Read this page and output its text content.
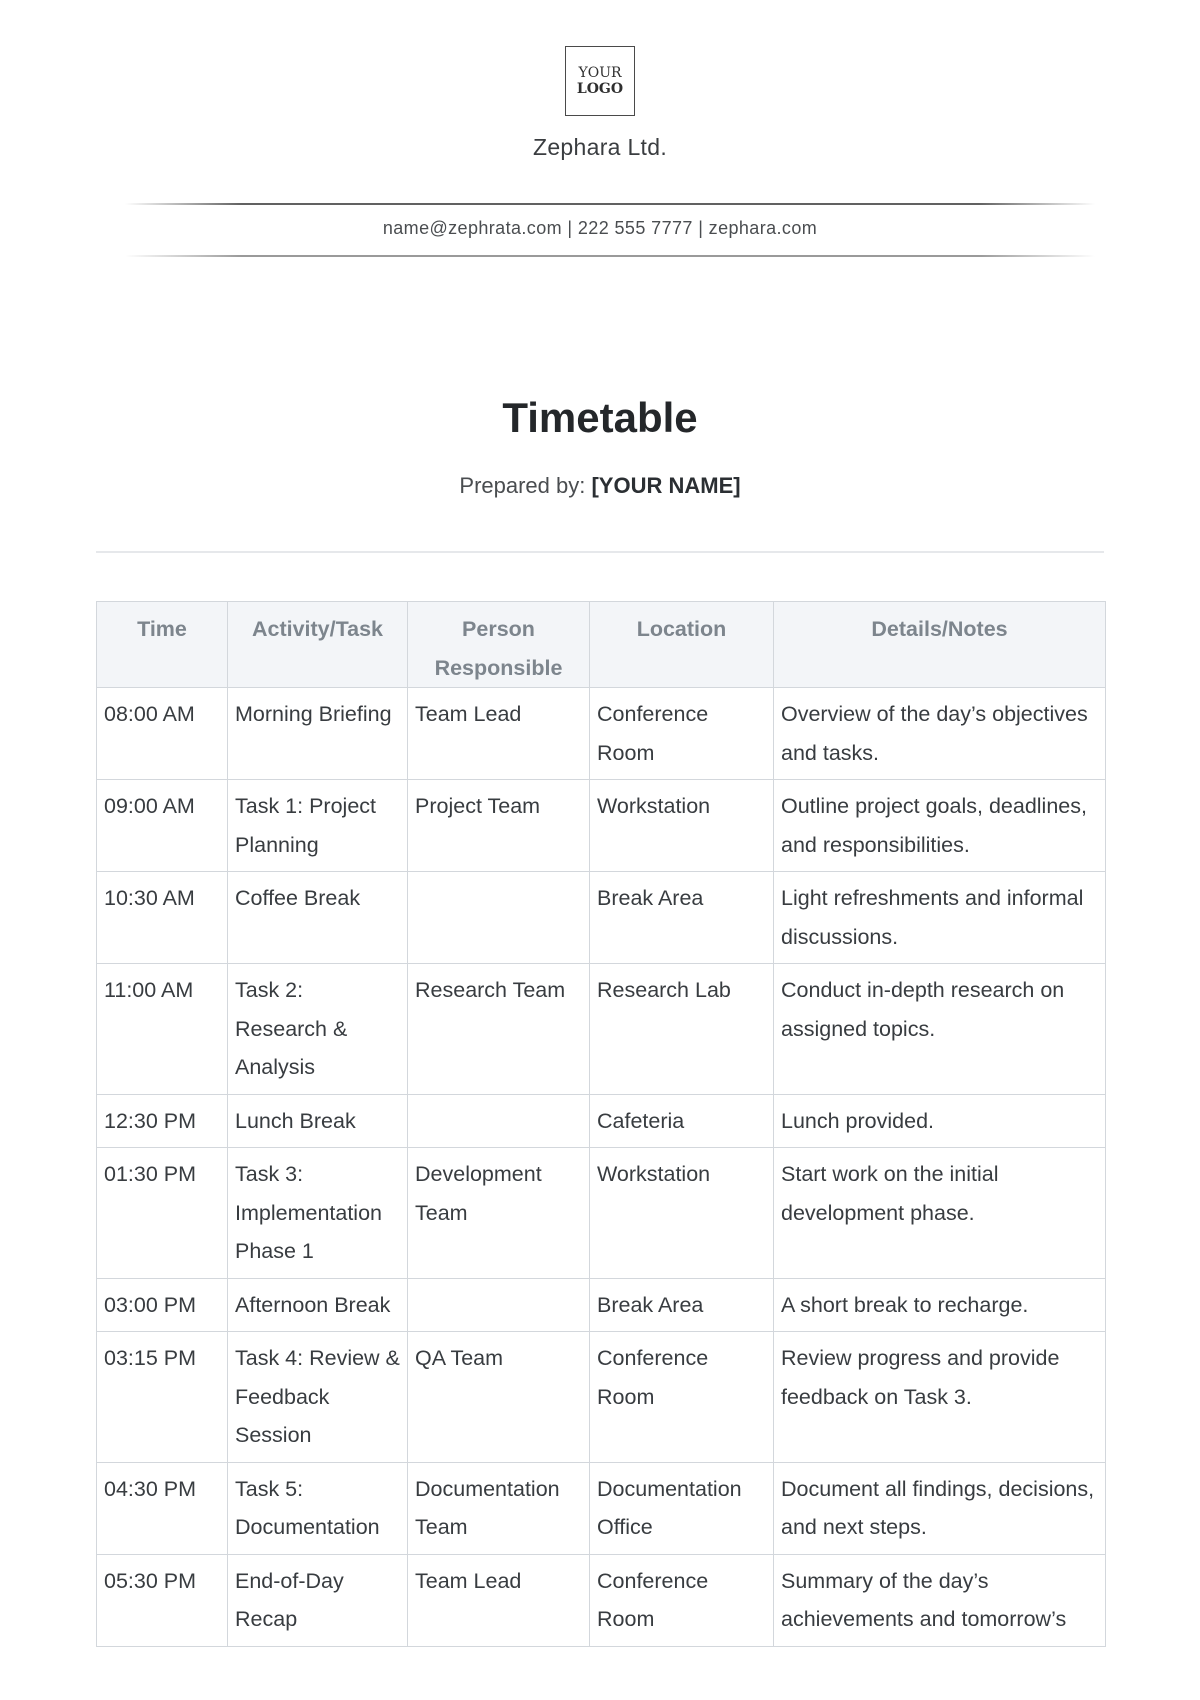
YOUR
LOGO
Zephara Ltd.
name@zephrata.com | 222 555 7777 | zephara.com
Timetable
Prepared by: [YOUR NAME]
Time	Activity/Task	Person Responsible	Location	Details/Notes
08:00 AM	Morning Briefing	Team Lead	Conference Room	Overview of the day’s objectives and tasks.
09:00 AM	Task 1: Project Planning	Project Team	Workstation	Outline project goals, deadlines, and responsibilities.
10:30 AM	Coffee Break		Break Area	Light refreshments and informal discussions.
11:00 AM	Task 2: Research & Analysis	Research Team	Research Lab	Conduct in-depth research on assigned topics.
12:30 PM	Lunch Break		Cafeteria	Lunch provided.
01:30 PM	Task 3: Implementation Phase 1	Development Team	Workstation	Start work on the initial development phase.
03:00 PM	Afternoon Break		Break Area	A short break to recharge.
03:15 PM	Task 4: Review & Feedback Session	QA Team	Conference Room	Review progress and provide feedback on Task 3.
04:30 PM	Task 5: Documentation	Documentation Team	Documentation Office	Document all findings, decisions, and next steps.
05:30 PM	End-of-Day Recap	Team Lead	Conference Room	Summary of the day’s achievements and tomorrow’s
